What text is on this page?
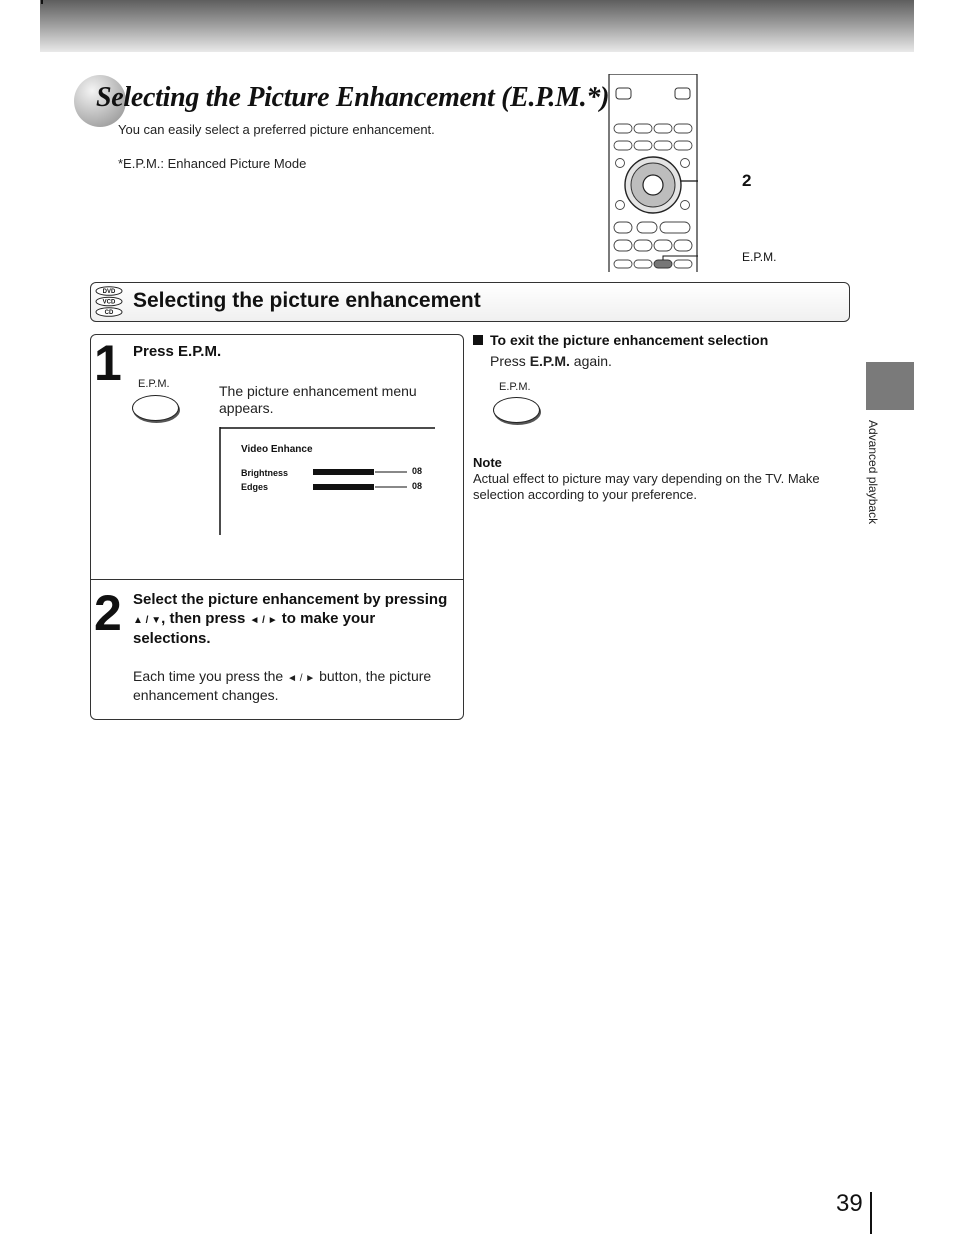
Selecting the Picture Enhancement (E.P.M.*)
You can easily select a preferred picture enhancement.
*E.P.M.: Enhanced Picture Mode
2
E.P.M.
DVD
VCD
CD
Selecting the picture enhancement
1 Press E.P.M.
E.P.M.	The picture enhancement menu appears.
Video Enhance
Brightness	08
Edges	08
2 Select the picture enhancement by pressing ▲ / ▼, then press ◄ / ► to make your selections.
Each time you press the ◄ / ► button, the picture enhancement changes.
To exit the picture enhancement selection
Press E.P.M. again.
E.P.M.
Note
Actual effect to picture may vary depending on the TV. Make selection according to your preference.	Advanced playback
39
